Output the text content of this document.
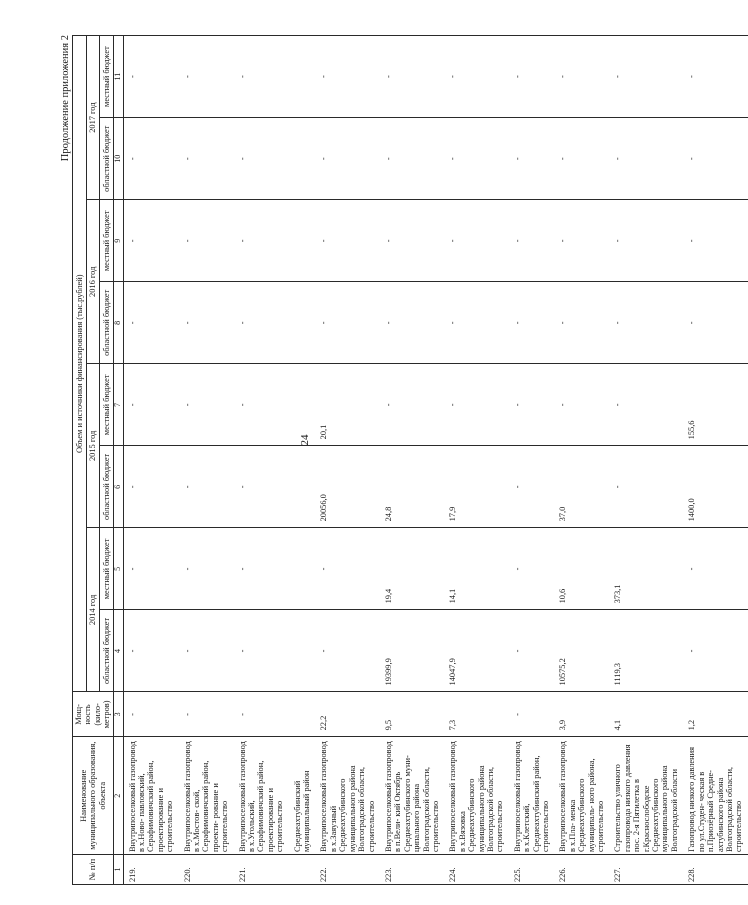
24
Продолжение приложения 2
№ п/п	Наименование муниципального образования, объекта	Мощ- ность (кило- метров)	Объем и источники финансирования (тыс.рублей)							
			2014 год		2015 год		2016 год		2017 год	
			областной бюджет	местный бюджет	областной бюджет	местный бюджет	областной бюджет	местный бюджет	областной бюджет	местный бюджет
1	2	3	4	5	6	7	8	9	10	11
219.	Внутрипоселковый газопровод в х.Ново- павловский, Серафимовичский район, проектирование и строительство	-	-	-	-	-	-	-	-	-
220.	Внутрипоселковый газопровод в х.Мостов- ской, Серафимовичский район, проекти- рование и строительство	-	-	-	-	-	-	-	-	-
221.	Внутрипоселковый газопровод в х.Угольский, Серафимовичский район, проектирование и строительство	-	-	-	-	-	-	-	-	-
	Среднеахтубинский муниципальный район									
222.	Внутрипоселковый газопровод в х.Заяузный Среднеахтубинского муниципального района Волгоградской области, строительство	22,2	-	-	20056,0	20,1	-	-	-	-
223.	Внутрипоселковый газопровод в п.Вели- кий Октябрь Среднеахтубинского муни- ципального района Волгоградской области, строительство	9,5	19399,9	19,4	24,8	-	-	-	-	-
224.	Внутрипоселковый газопровод в х.Вязовка Среднеахтубинского муниципального района Волгоградской области, строительство	7,3	14047,9	14,1	17,9	-	-	-	-	-
225.	Внутрипоселковый газопровод в х.Клетский, Среднеахтубинский район, строительство	-	-	-	-	-	-	-	-	-
226.	Внутрипоселковый газопровод в х.Пла- менка Среднеахтубинского муниципаль- ного района, строительство	3,9	10575,2	10,6	37,0	-	-	-	-	-
227.	Строительство уличного газопровода низкого давления пос. 2-я Пятилетка в г.Краснослободске Среднеахтубинского муниципального района Волгоградской области	4,1	1119,3	373,1	-	-	-	-	-	-
228.	Газопровод низкого давления по ул.Студен- ческая в п.Приозёрный Средне- ахтубинского района Волгоградской области, строительство	1,2	-	-	1400,0	155,6	-	-	-	-
